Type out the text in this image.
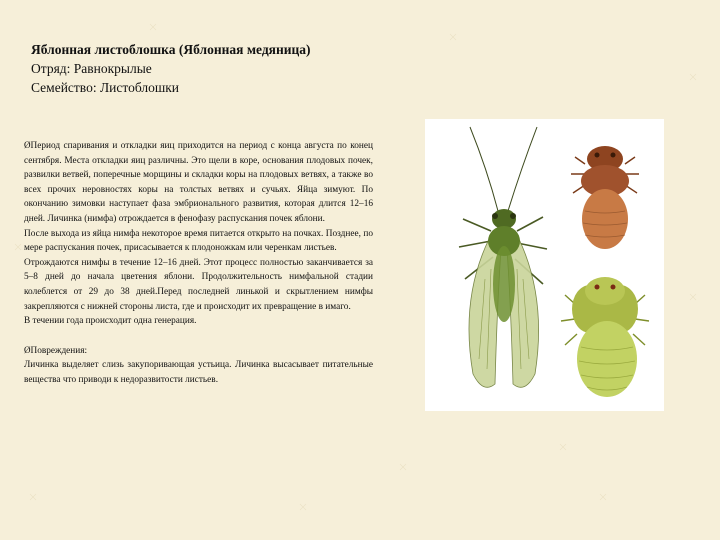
Яблонная листоблошка (Яблонная медяница)
Отряд: Равнокрылые
Семейство: Листоблошки

Ø Период спаривания и откладки яиц приходится на период с конца августа по конец сентября. Места откладки яиц различны. Это щели в коре, основания плодовых почек, развилки ветвей, поперечные морщины и складки коры на плодовых ветвях, а также во всех прочих неровностях коры на толстых ветвях и сучьях. Яйца зимуют. По окончанию зимовки наступает фаза эмбрионального развития, которая длится 12–16 дней. Личинка (нимфа) отрождается в фенофазу распускания почек яблони.

После выхода из яйца нимфа некоторое время питается открыто на почках. Позднее, по мере распускания почек, присасывается к плодоножкам или черенкам листьев.

Отрождаются нимфы в течение 12–16 дней. Этот процесс полностью заканчивается за 5–8 дней до начала цветения яблони. Продолжительность нимфальной стадии колеблется от 29 до 38 дней.Перед последней линькой и скрытлением нимфы закрепляются с нижней стороны листа, где и происходит их превращение в имаго.

В течении года происходит одна генерация.

Ø Повреждения:

Личинка выделяет слизь закупоривающая устьица. Личинка высасывает питательные вещества что приводи к недоразвитости листьев.
